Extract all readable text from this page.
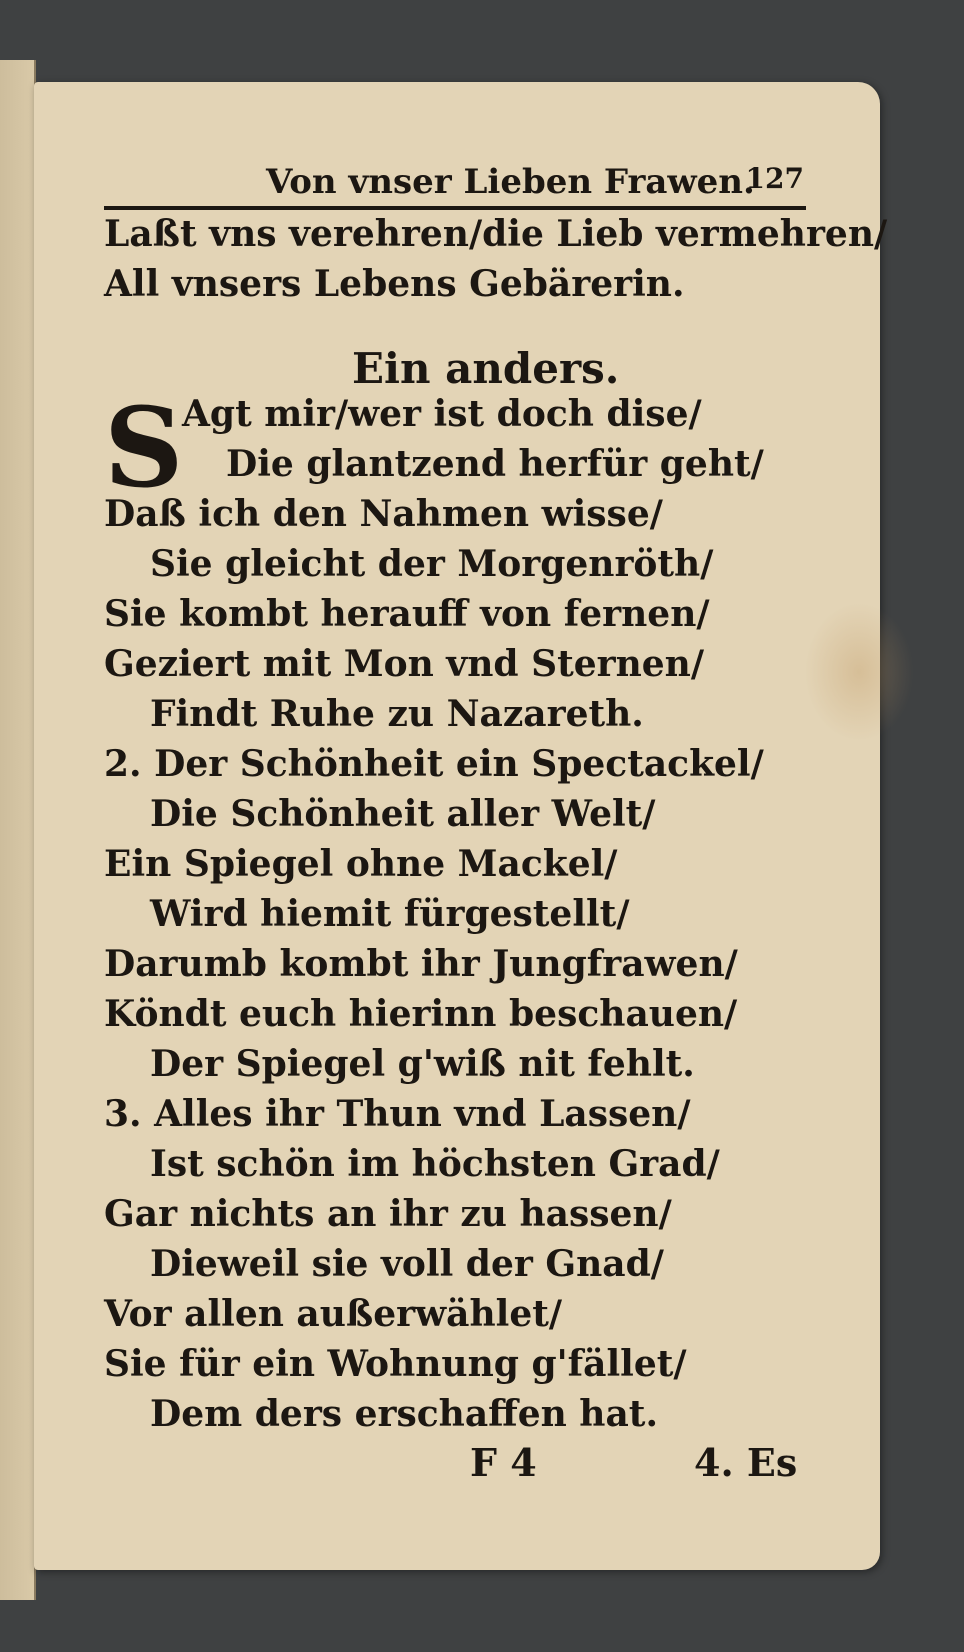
Von vnser Lieben Frawen.
127
Laßt vns verehren/die Lieb vermehren/
All vnsers Lebens Gebärerin.
Ein anders.
S
Agt mir/wer ist doch dise/
Die glantzend herfür geht/
Daß ich den Nahmen wisse/
Sie gleicht der Morgenröth/
Sie kombt herauff von fernen/
Geziert mit Mon vnd Sternen/
Findt Ruhe zu Nazareth.
2. Der Schönheit ein Spectackel/
Die Schönheit aller Welt/
Ein Spiegel ohne Mackel/
Wird hiemit fürgestellt/
Darumb kombt ihr Jungfrawen/
Köndt euch hierinn beschauen/
Der Spiegel g'wiß nit fehlt.
3. Alles ihr Thun vnd Lassen/
Ist schön im höchsten Grad/
Gar nichts an ihr zu hassen/
Dieweil sie voll der Gnad/
Vor allen außerwählet/
Sie für ein Wohnung g'fället/
Dem ders erschaffen hat.
F 4	4. Es
